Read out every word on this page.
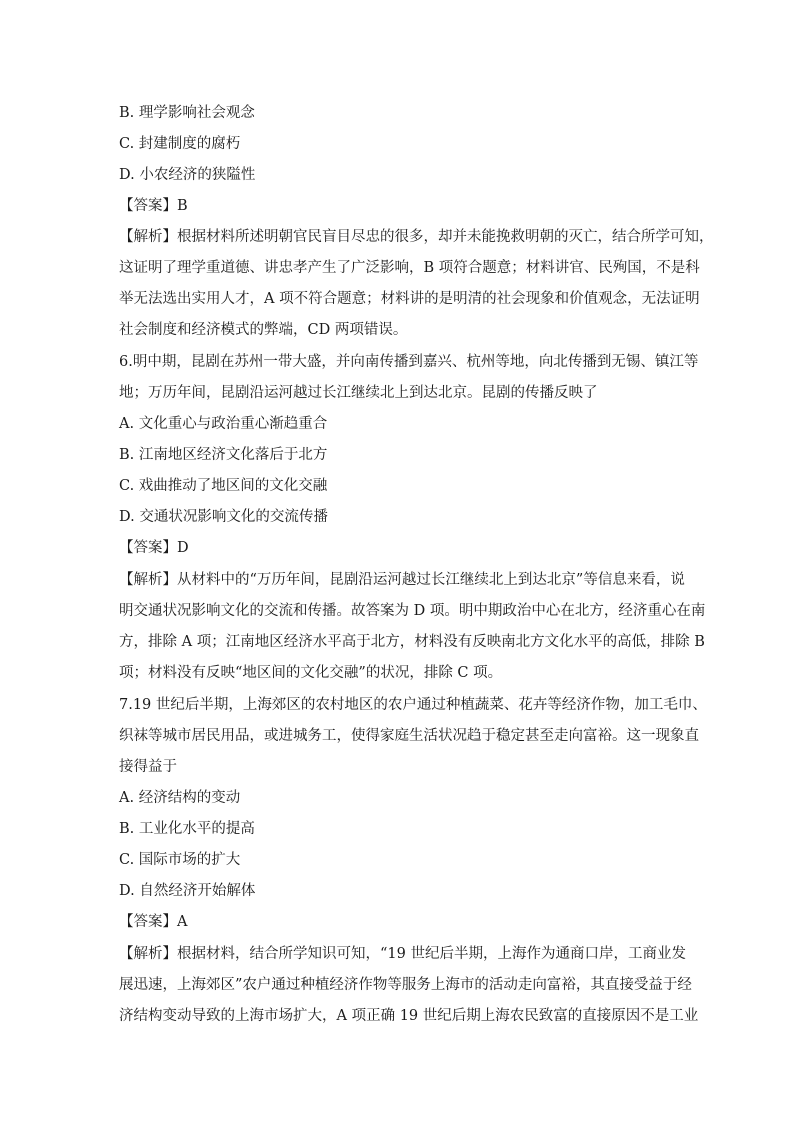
B. 理学影响社会观念
C. 封建制度的腐朽
D. 小农经济的狭隘性
【答案】B
【解析】根据材料所述明朝官民盲目尽忠的很多，却并未能挽救明朝的灭亡，结合所学可知，
这证明了理学重道德、讲忠孝产生了广泛影响，B 项符合题意；材料讲官、民殉国，不是科
举无法选出实用人才，A 项不符合题意；材料讲的是明清的社会现象和价值观念，无法证明
社会制度和经济模式的弊端，CD 两项错误。
6.明中期，昆剧在苏州一带大盛，并向南传播到嘉兴、杭州等地，向北传播到无锡、镇江等
地；万历年间，昆剧沿运河越过长江继续北上到达北京。昆剧的传播反映了
A. 文化重心与政治重心渐趋重合
B. 江南地区经济文化落后于北方
C. 戏曲推动了地区间的文化交融
D. 交通状况影响文化的交流传播
【答案】D
【解析】从材料中的“万历年间，昆剧沿运河越过长江继续北上到达北京”等信息来看，说
明交通状况影响文化的交流和传播。故答案为 D 项。明中期政治中心在北方，经济重心在南
方，排除 A 项；江南地区经济水平高于北方，材料没有反映南北方文化水平的高低，排除 B
项；材料没有反映“地区间的文化交融”的状况，排除 C 项。
7.19 世纪后半期，上海郊区的农村地区的农户通过种植蔬菜、花卉等经济作物，加工毛巾、
织袜等城市居民用品，或进城务工，使得家庭生活状况趋于稳定甚至走向富裕。这一现象直
接得益于
A. 经济结构的变动
B. 工业化水平的提高
C. 国际市场的扩大
D. 自然经济开始解体
【答案】A
【解析】根据材料，结合所学知识可知，“19 世纪后半期，上海作为通商口岸，工商业发
展迅速，上海郊区”农户通过种植经济作物等服务上海市的活动走向富裕，其直接受益于经
济结构变动导致的上海市场扩大，A 项正确 19 世纪后期上海农民致富的直接原因不是工业
